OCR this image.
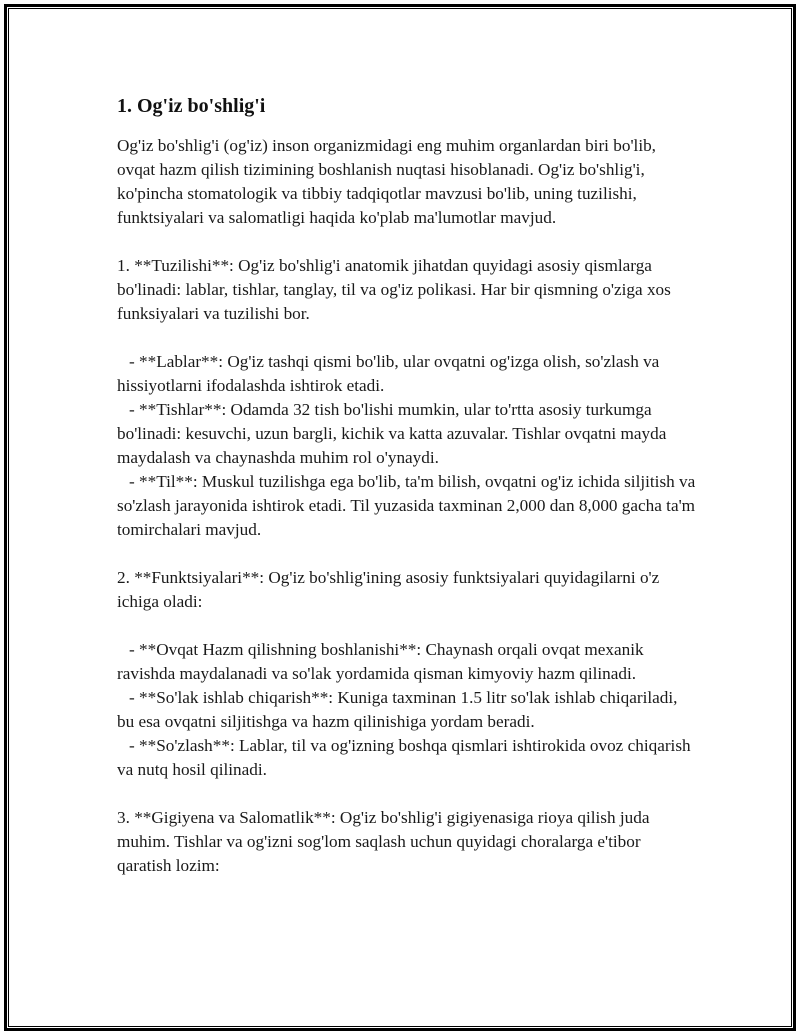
1. Og'iz bo'shlig'i

Og'iz bo'shlig'i (og'iz) inson organizmidagi eng muhim organlardan biri bo'lib, ovqat hazm qilish tizimining boshlanish nuqtasi hisoblanadi. Og'iz bo'shlig'i, ko'pincha stomatologik va tibbiy tadqiqotlar mavzusi bo'lib, uning tuzilishi, funktsiyalari va salomatligi haqida ko'plab ma'lumotlar mavjud.

1. **Tuzilishi**: Og'iz bo'shlig'i anatomik jihatdan quyidagi asosiy qismlarga bo'linadi: lablar, tishlar, tanglay, til va og'iz polikasi. Har bir qismning o'ziga xos funksiyalari va tuzilishi bor.

- **Lablar**: Og'iz tashqi qismi bo'lib, ular ovqatni og'izga olish, so'zlash va hissiyotlarni ifodalashda ishtirok etadi.

- **Tishlar**: Odamda 32 tish bo'lishi mumkin, ular to'rtta asosiy turkumga bo'linadi: kesuvchi, uzun bargli, kichik va katta azuvalar. Tishlar ovqatni mayda maydalash va chaynashda muhim rol o'ynaydi.

- **Til**: Muskul tuzilishga ega bo'lib, ta'm bilish, ovqatni og'iz ichida siljitish va so'zlash jarayonida ishtirok etadi. Til yuzasida taxminan 2,000 dan 8,000 gacha ta'm tomirchalari mavjud.

2. **Funktsiyalari**: Og'iz bo'shlig'ining asosiy funktsiyalari quyidagilarni o'z ichiga oladi:

- **Ovqat Hazm qilishning boshlanishi**: Chaynash orqali ovqat mexanik ravishda maydalanadi va so'lak yordamida qisman kimyoviy hazm qilinadi.

- **So'lak ishlab chiqarish**: Kuniga taxminan 1.5 litr so'lak ishlab chiqariladi, bu esa ovqatni siljitishga va hazm qilinishiga yordam beradi.

- **So'zlash**: Lablar, til va og'izning boshqa qismlari ishtirokida ovoz chiqarish va nutq hosil qilinadi.

3. **Gigiyena va Salomatlik**: Og'iz bo'shlig'i gigiyenasiga rioya qilish juda muhim. Tishlar va og'izni sog'lom saqlash uchun quyidagi choralarga e'tibor qaratish lozim:
